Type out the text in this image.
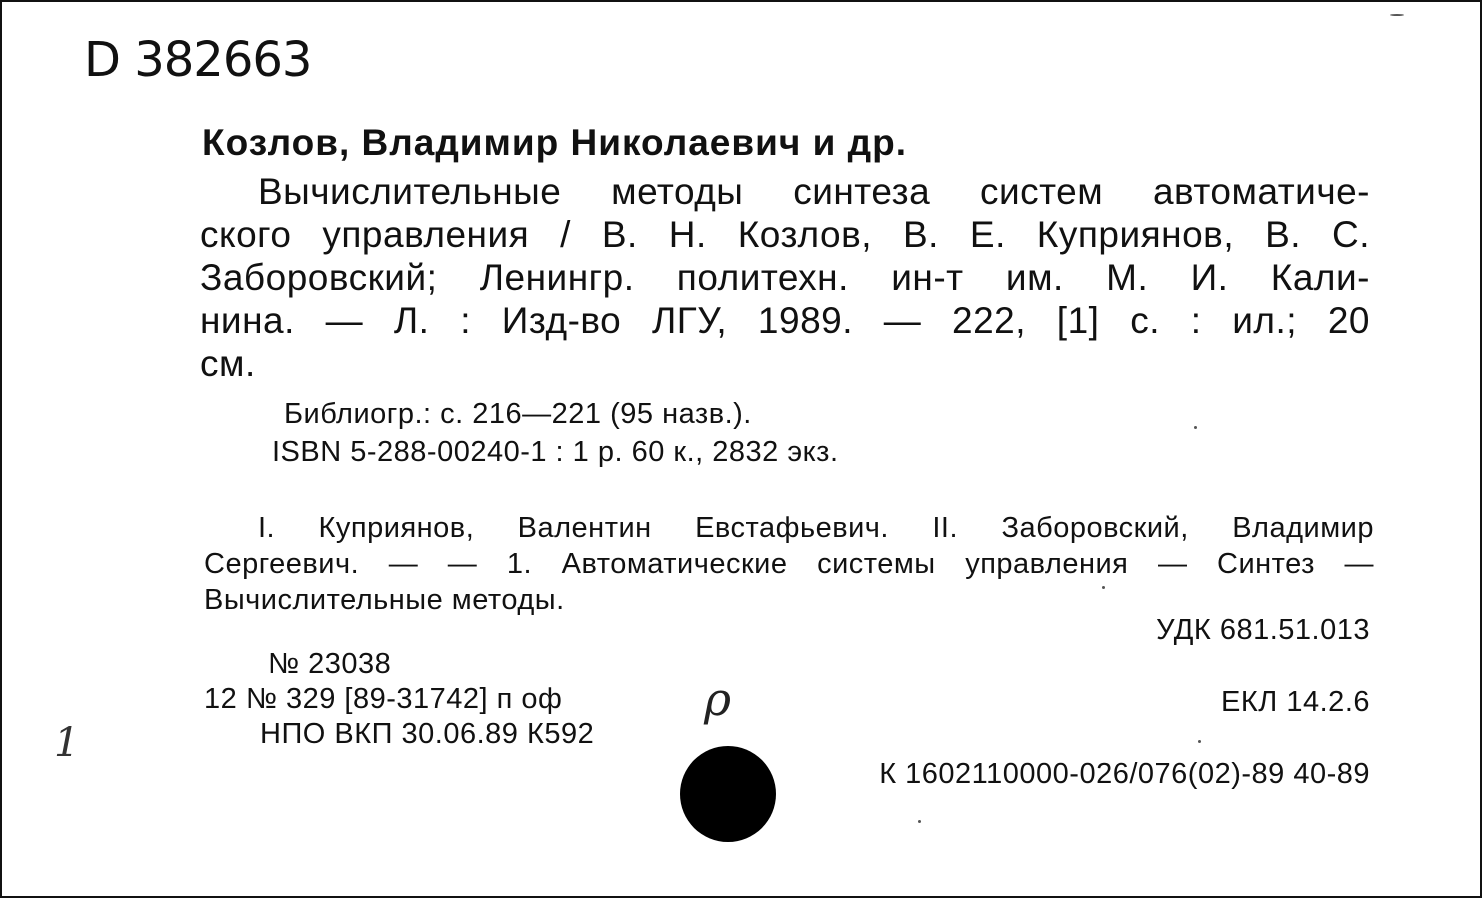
D 382663
Козлов, Владимир Николаевич и др.
Вычислительные методы синтеза систем автоматиче-
ского управления / В. Н. Козлов, В. Е. Куприянов, В. С.
Заборовский; Ленингр. политехн. ин-т им. М. И. Кали-
нина. — Л. : Изд-во ЛГУ, 1989. — 222, [1] с. : ил.; 20
см.
Библиогр.: с. 216—221 (95 назв.).
ISBN 5-288-00240-1 : 1 р. 60 к., 2832 экз.
I. Куприянов, Валентин Евстафьевич. II. Заборовский, Владимир
Сергеевич. — — 1. Автоматические системы управления — Синтез —
Вычислительные методы.
УДК 681.51.013
№ 23038
12 № 329 [89-31742] п оф
НПО ВКП 30.06.89 К592
ЕКЛ 14.2.6
К 1602110000-026/076(02)-89 40-89
ρ
1
